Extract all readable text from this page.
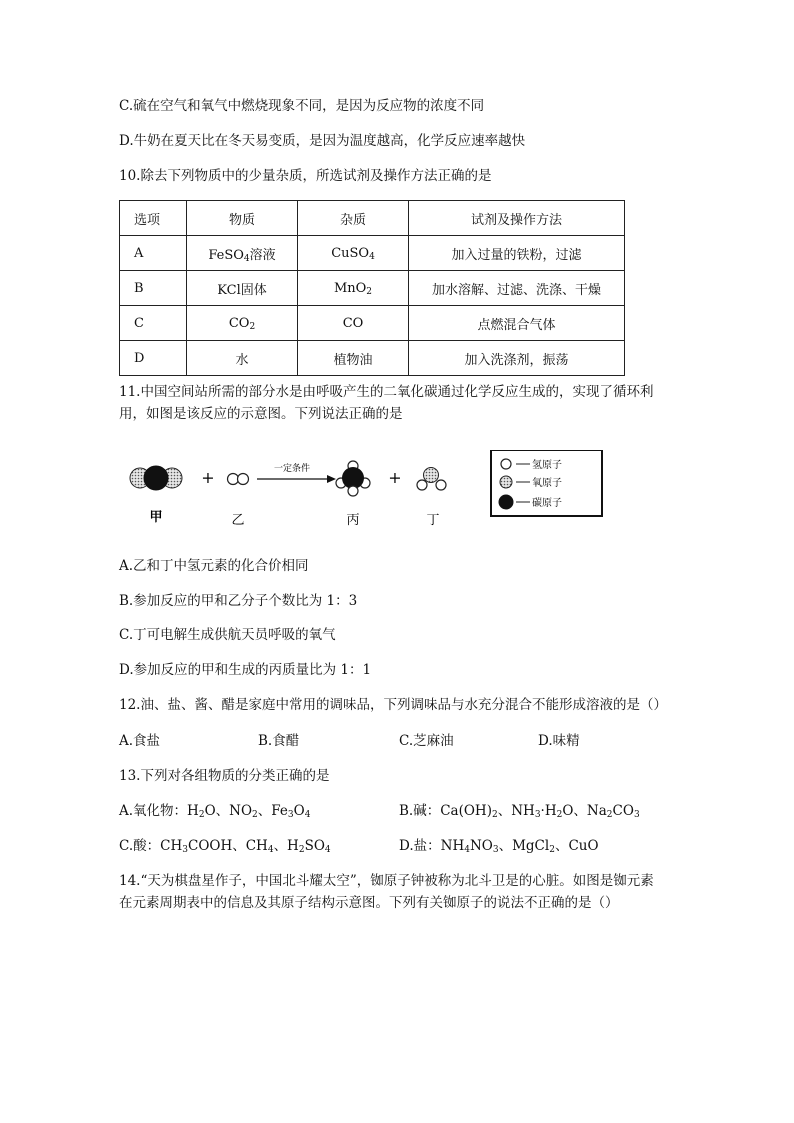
C.硫在空气和氧气中燃烧现象不同，是因为反应物的浓度不同
D.牛奶在夏天比在冬天易变质，是因为温度越高，化学反应速率越快
10.除去下列物质中的少量杂质，所选试剂及操作方法正确的是
选项	物质	杂质	试剂及操作方法
A	FeSO$_4$溶液	CuSO$_4$	加入过量的铁粉，过滤
B	KCl固体	MnO$_2$	加水溶解、过滤、洗涤、干燥
C	$CO_2$	CO	点燃混合气体
D	水	植物油	加入洗涤剂，振荡
11.中国空间站所需的部分水是由呼吸产生的二氧化碳通过化学反应生成的，实现了循环利
用，如图是该反应的示意图。下列说法正确的是
+	一定条件	+
甲	乙	丙	丁
氢原子
氧原子
碳原子
A.乙和丁中氢元素的化合价相同
B.参加反应的甲和乙分子个数比为 1：3
C.丁可电解生成供航天员呼吸的氧气
D.参加反应的甲和生成的丙质量比为 1：1
12.油、盐、酱、醋是家庭中常用的调味品，下列调味品与水充分混合不能形成溶液的是（）
A.食盐	B.食醋	C.芝麻油	D.味精
13.下列对各组物质的分类正确的是
A.氧化物：$H_2O$、$NO_2$、$Fe_3O_4$	B.碱：$Ca(OH)_2$、$NH_3\cdot H_2O$、$Na_2CO_3$
C.酸：$CH_3COOH$、$CH_4$、$H_2SO_4$	D.盐：$NH_4NO_3$、MgCl$_2$、CuO
14.“天为棋盘星作子，中国北斗耀太空”，铷原子钟被称为北斗卫是的心脏。如图是铷元素
在元素周期表中的信息及其原子结构示意图。下列有关铷原子的说法不正确的是（）
